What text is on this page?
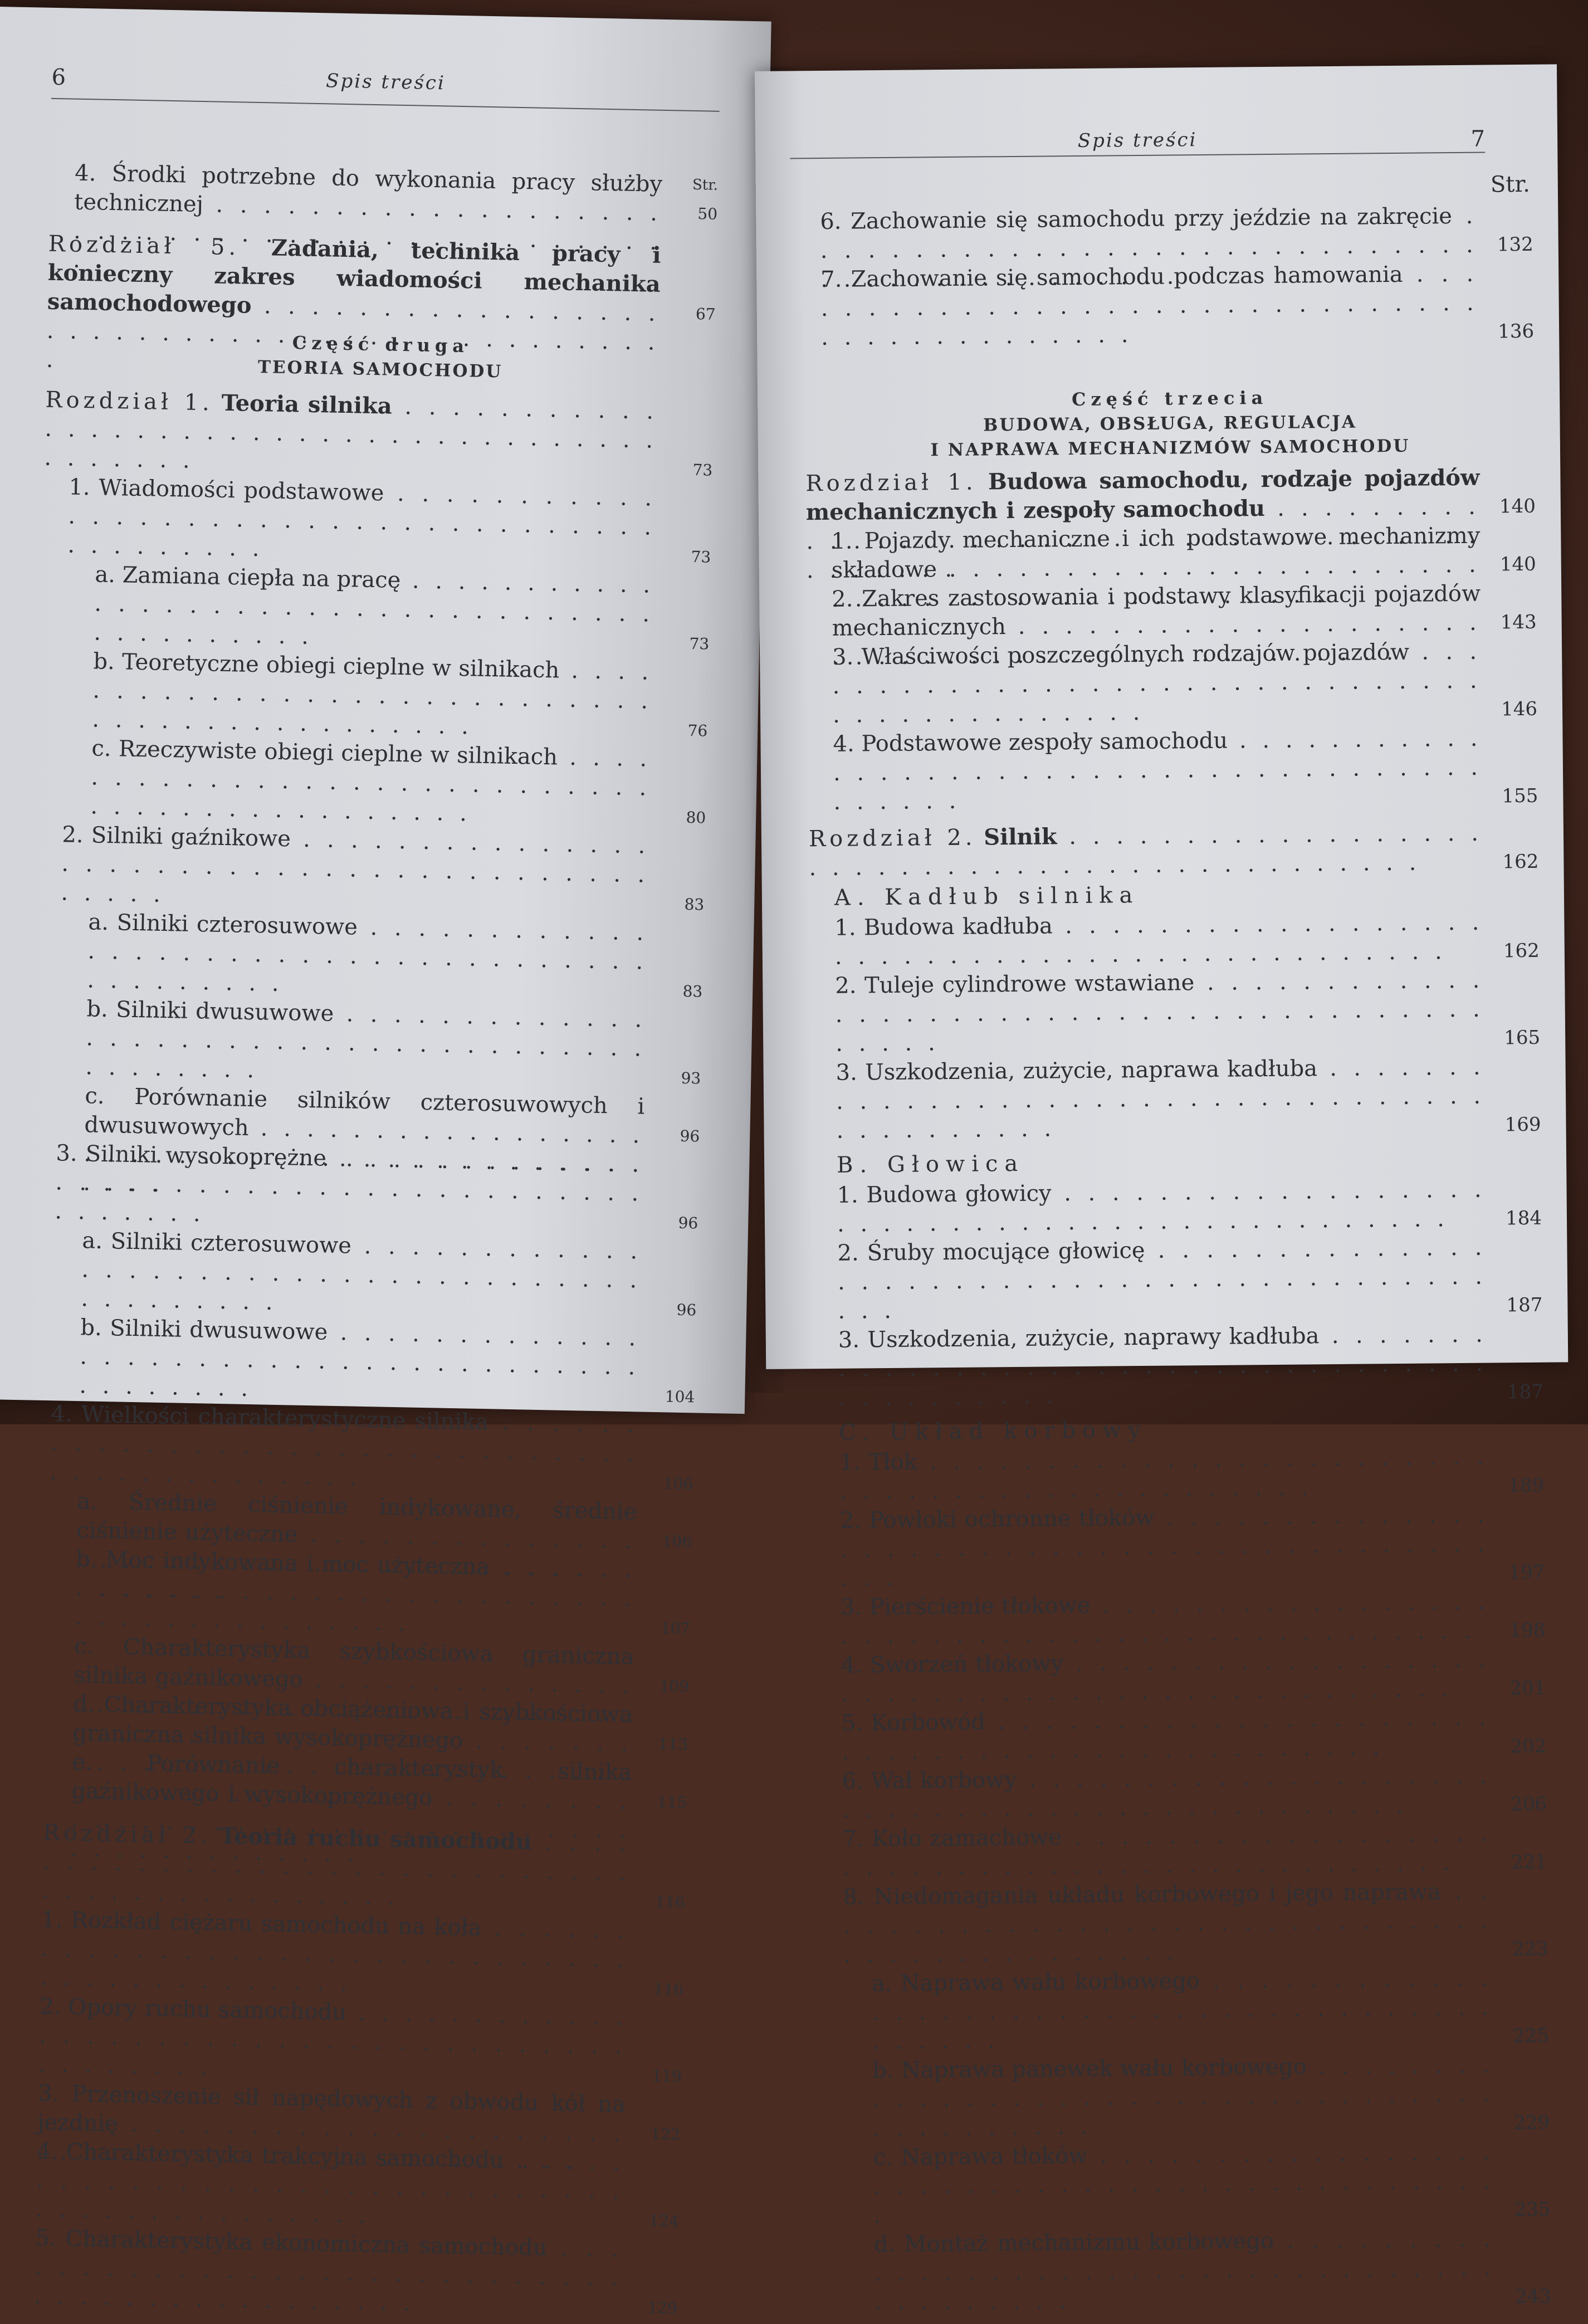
6	Spis treści
4. Środki potrzebne do wykonania pracy służby technicznej . . .
Str.
50
Rozdział 5. Zadania, technika pracy i konieczny zakres wiadomości mechanika samochodowego . . .	67
Część druga
TEORIA SAMOCHODU
Rozdział 1. Teoria silnika . . .
73
1. Wiadomości podstawowe . . .
73
a. Zamiana ciepła na pracę . . .
73
b. Teoretyczne obiegi cieplne w silnikach . . .
76
c. Rzeczywiste obiegi cieplne w silnikach . . .
80
2. Silniki gaźnikowe . . .
83
a. Silniki czterosuwowe . . .
83
b. Silniki dwusuwowe . . .
93
c. Porównanie silników czterosuwowych i dwusuwowych . . .	96
3. Silniki wysokoprężne . . .
96
a. Silniki czterosuwowe . . .
96
b. Silniki dwusuwowe . . .
104
4. Wielkości charakterystyczne silnika . . .
106
a. Średnie ciśnienie indykowane, średnie ciśnienie użyteczne . . .	106
b. Moc indykowana i moc użyteczna . . .
107
c. Charakterystyka szybkościowa graniczna silnika gaźnikowego . . .	109
d. Charakterystyka obciążeniowa i szybkościowa graniczna silnika wysokoprężnego . . .	113
e. Porównanie charakterystyk silnika gaźnikowego i wysokoprężnego . . .	115
Rozdział 2. Teoria ruchu samochodu . . .
116
1. Rozkład ciężaru samochodu na koła . . .
116
2. Opory ruchu samochodu . . .
119
3. Przenoszenie sił napędowych z obwodu kół na jezdnię . . .	122
4. Charakterystyka trakcyjna samochodu . . .
124
5. Charakterystyka ekonomiczna samochodu . . .
129
Spis treści	7
Str.
6. Zachowanie się samochodu przy jeździe na zakręcie . . .
132
7. Zachowanie się samochodu podczas hamowania . . .
136
Część trzecia
BUDOWA, OBSŁUGA, REGULACJA
I NAPRAWA MECHANIZMÓW SAMOCHODU
Rozdział 1. Budowa samochodu, rodzaje pojazdów mechanicznych i zespoły samochodu . . .	140
1. Pojazdy mechaniczne i ich podstawowe mechanizmy składowe . . .	140
2. Zakres zastosowania i podstawy klasyfikacji pojazdów mechanicznych . . .	143
3. Właściwości poszczególnych rodzajów pojazdów . . .
146
4. Podstawowe zespoły samochodu . . .
155
Rozdział 2. Silnik . . .
162
A. Kadłub silnika
1. Budowa kadłuba . . .
162
2. Tuleje cylindrowe wstawiane . . .
165
3. Uszkodzenia, zużycie, naprawa kadłuba . . .
169
B. Głowica
1. Budowa głowicy . . .
184
2. Śruby mocujące głowicę . . .
187
3. Uszkodzenia, zużycie, naprawy kadłuba . . .
187
C. Układ korbowy
1. Tłok . . .
189
2. Powłoki ochronne tłoków . . .
197
3. Pierścienie tłokowe . . .
198
4. Sworzeń tłokowy . . .
201
5. Korbowód . . .
202
6. Wał korbowy . . .
206
7. Koło zamachowe . . .
221
8. Niedomagania układu korbowego i jego naprawa . . .
223
a. Naprawa wału korbowego . . .
225
b. Naprawa panewek wału korbowego . . .
229
c. Naprawa tłoków . . .
235
d. Montaż mechanizmu korbowego . . .
243
